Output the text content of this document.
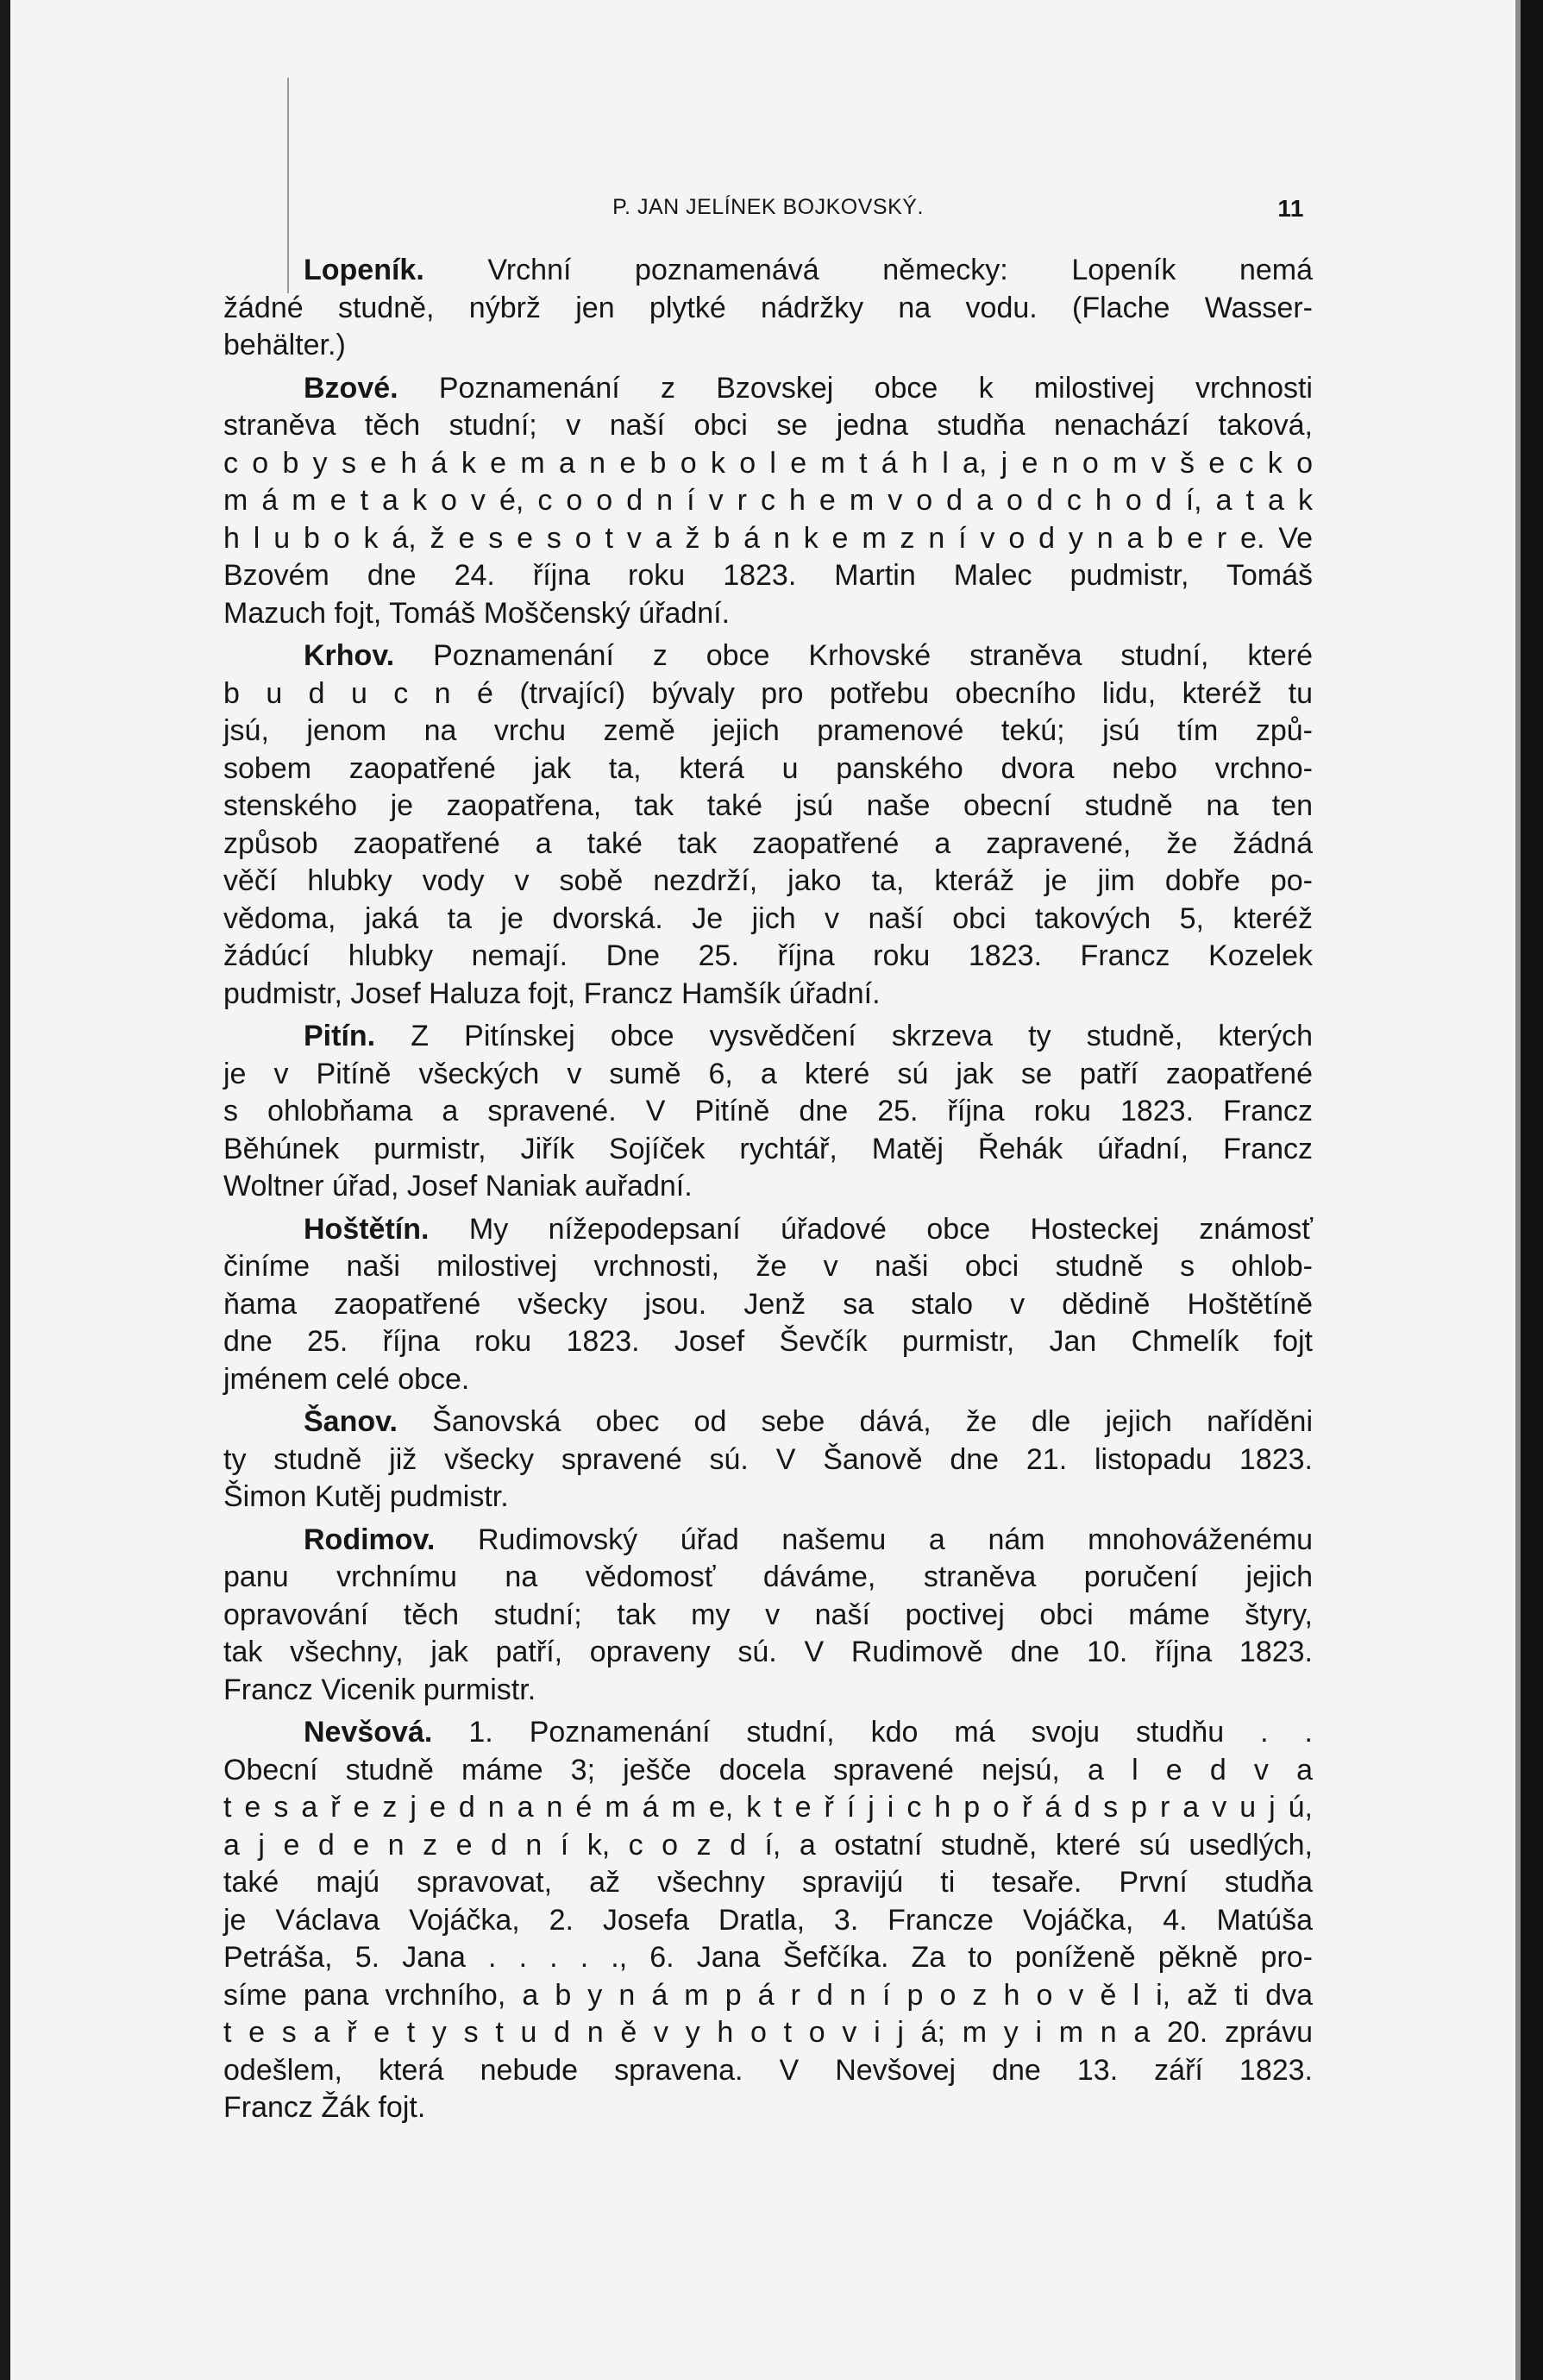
P. JAN JELÍNEK BOJKOVSKÝ.	11
Lopeník. Vrchní poznamenává německy: Lopeník nemá
žádné studně, nýbrž jen plytké nádržky na vodu. (Flache Wasser-
behälter.)
Bzové. Poznamenání z Bzovskej obce k milostivej vrchnosti
straněva těch studní; v naší obci se jedna studňa nenachází taková,
c o b y s e h á k e m a n e b o k o l e m t á h l a, j e n o m v š e c k o
m á m e t a k o v é, c o o d n í v r c h e m v o d a o d c h o d í, a t a k
h l u b o k á, ž e s e s o t v a ž b á n k e m z n í v o d y n a b e r e. Ve
Bzovém dne 24. října roku 1823. Martin Malec pudmistr, Tomáš
Mazuch fojt, Tomáš Moščenský úřadní.
Krhov. Poznamenání z obce Krhovské straněva studní, které
b u d u c n é (trvající) bývaly pro potřebu obecního lidu, kteréž tu
jsú, jenom na vrchu země jejich pramenové tekú; jsú tím způ-
sobem zaopatřené jak ta, která u panského dvora nebo vrchno-
stenského je zaopatřena, tak také jsú naše obecní studně na ten
způsob zaopatřené a také tak zaopatřené a zapravené, že žádná
věčí hlubky vody v sobě nezdrží, jako ta, kteráž je jim dobře po-
vědoma, jaká ta je dvorská. Je jich v naší obci takových 5, kteréž
žádúcí hlubky nemají. Dne 25. října roku 1823. Francz Kozelek
pudmistr, Josef Haluza fojt, Francz Hamšík úřadní.
Pitín. Z Pitínskej obce vysvědčení skrzeva ty studně, kterých
je v Pitíně všeckých v sumě 6, a které sú jak se patří zaopatřené
s ohlobňama a spravené. V Pitíně dne 25. října roku 1823. Francz
Běhúnek purmistr, Jiřík Sojíček rychtář, Matěj Řehák úřadní, Francz
Woltner úřad, Josef Naniak auřadní.
Hoštětín. My nížepodepsaní úřadové obce Hosteckej známosť
činíme naši milostivej vrchnosti, že v naši obci studně s ohlob-
ňama zaopatřené všecky jsou. Jenž sa stalo v dědině Hoštětíně
dne 25. října roku 1823. Josef Ševčík purmistr, Jan Chmelík fojt
jménem celé obce.
Šanov. Šanovská obec od sebe dává, že dle jejich naříděni
ty studně již všecky spravené sú. V Šanově dne 21. listopadu 1823.
Šimon Kutěj pudmistr.
Rodimov. Rudimovský úřad našemu a nám mnohováženému
panu vrchnímu na vědomosť dáváme, straněva poručení jejich
opravování těch studní; tak my v naší poctivej obci máme štyry,
tak všechny, jak patří, opraveny sú. V Rudimově dne 10. října 1823.
Francz Vicenik purmistr.
Nevšová. 1. Poznamenání studní, kdo má svoju studňu . .
Obecní studně máme 3; ješče docela spravené nejsú, a l e d v a
t e s a ř e z j e d n a n é m á m e, k t e ř í j i c h p o ř á d s p r a v u j ú,
a j e d e n z e d n í k, c o z d í, a ostatní studně, které sú usedlých,
také majú spravovat, až všechny spravijú ti tesaře. První studňa
je Václava Vojáčka, 2. Josefa Dratla, 3. Francze Vojáčka, 4. Matúša
Petráša, 5. Jana . . . . ., 6. Jana Šefčíka. Za to poníženě pěkně pro-
síme pana vrchního, a b y n á m p á r d n í p o z h o v ě l i, až ti dva
t e s a ř e t y s t u d n ě v y h o t o v i j á; m y i m n a 20. zprávu
odešlem, která nebude spravena. V Nevšovej dne 13. září 1823.
Francz Žák fojt.
